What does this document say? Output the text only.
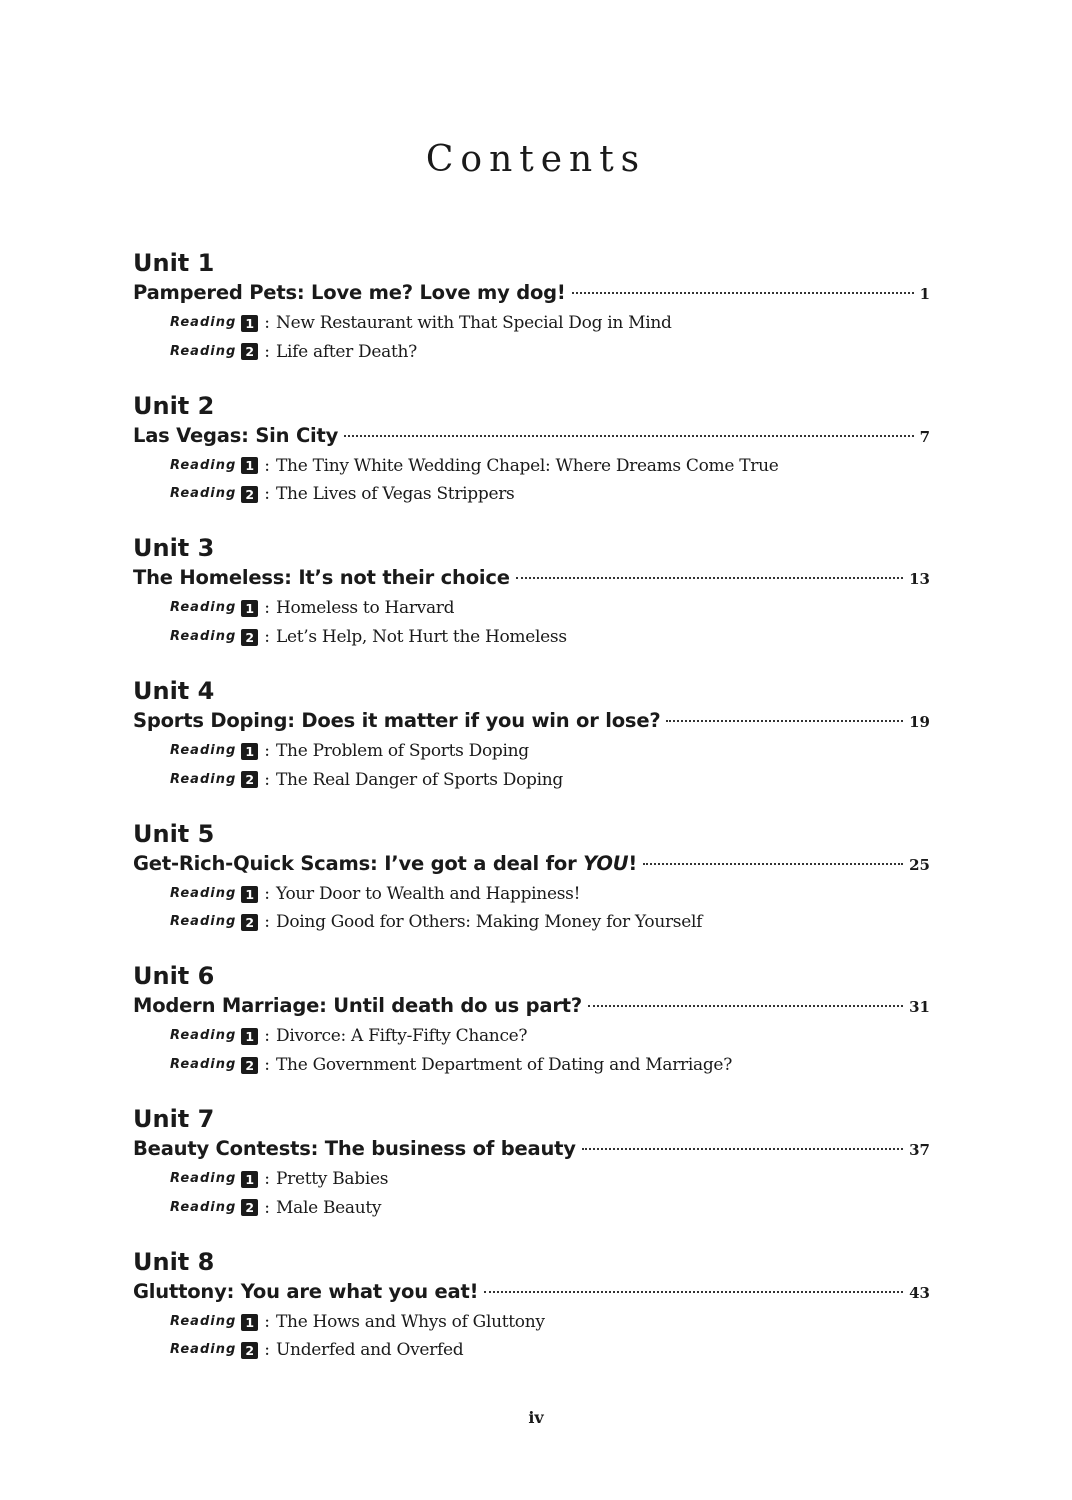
Contents
Unit 1
Pampered Pets: Love me? Love my dog!	1
Reading 1 : New Restaurant with That Special Dog in Mind
Reading 2 : Life after Death?
Unit 2
Las Vegas: Sin City	7
Reading 1 : The Tiny White Wedding Chapel: Where Dreams Come True
Reading 2 : The Lives of Vegas Strippers
Unit 3
The Homeless: It’s not their choice	13
Reading 1 : Homeless to Harvard
Reading 2 : Let’s Help, Not Hurt the Homeless
Unit 4
Sports Doping: Does it matter if you win or lose?	19
Reading 1 : The Problem of Sports Doping
Reading 2 : The Real Danger of Sports Doping
Unit 5
Get-Rich-Quick Scams: I’ve got a deal for YOU!	25
Reading 1 : Your Door to Wealth and Happiness!
Reading 2 : Doing Good for Others: Making Money for Yourself
Unit 6
Modern Marriage: Until death do us part?	31
Reading 1 : Divorce: A Fifty-Fifty Chance?
Reading 2 : The Government Department of Dating and Marriage?
Unit 7
Beauty Contests: The business of beauty	37
Reading 1 : Pretty Babies
Reading 2 : Male Beauty
Unit 8
Gluttony: You are what you eat!	43
Reading 1 : The Hows and Whys of Gluttony
Reading 2 : Underfed and Overfed
iv
